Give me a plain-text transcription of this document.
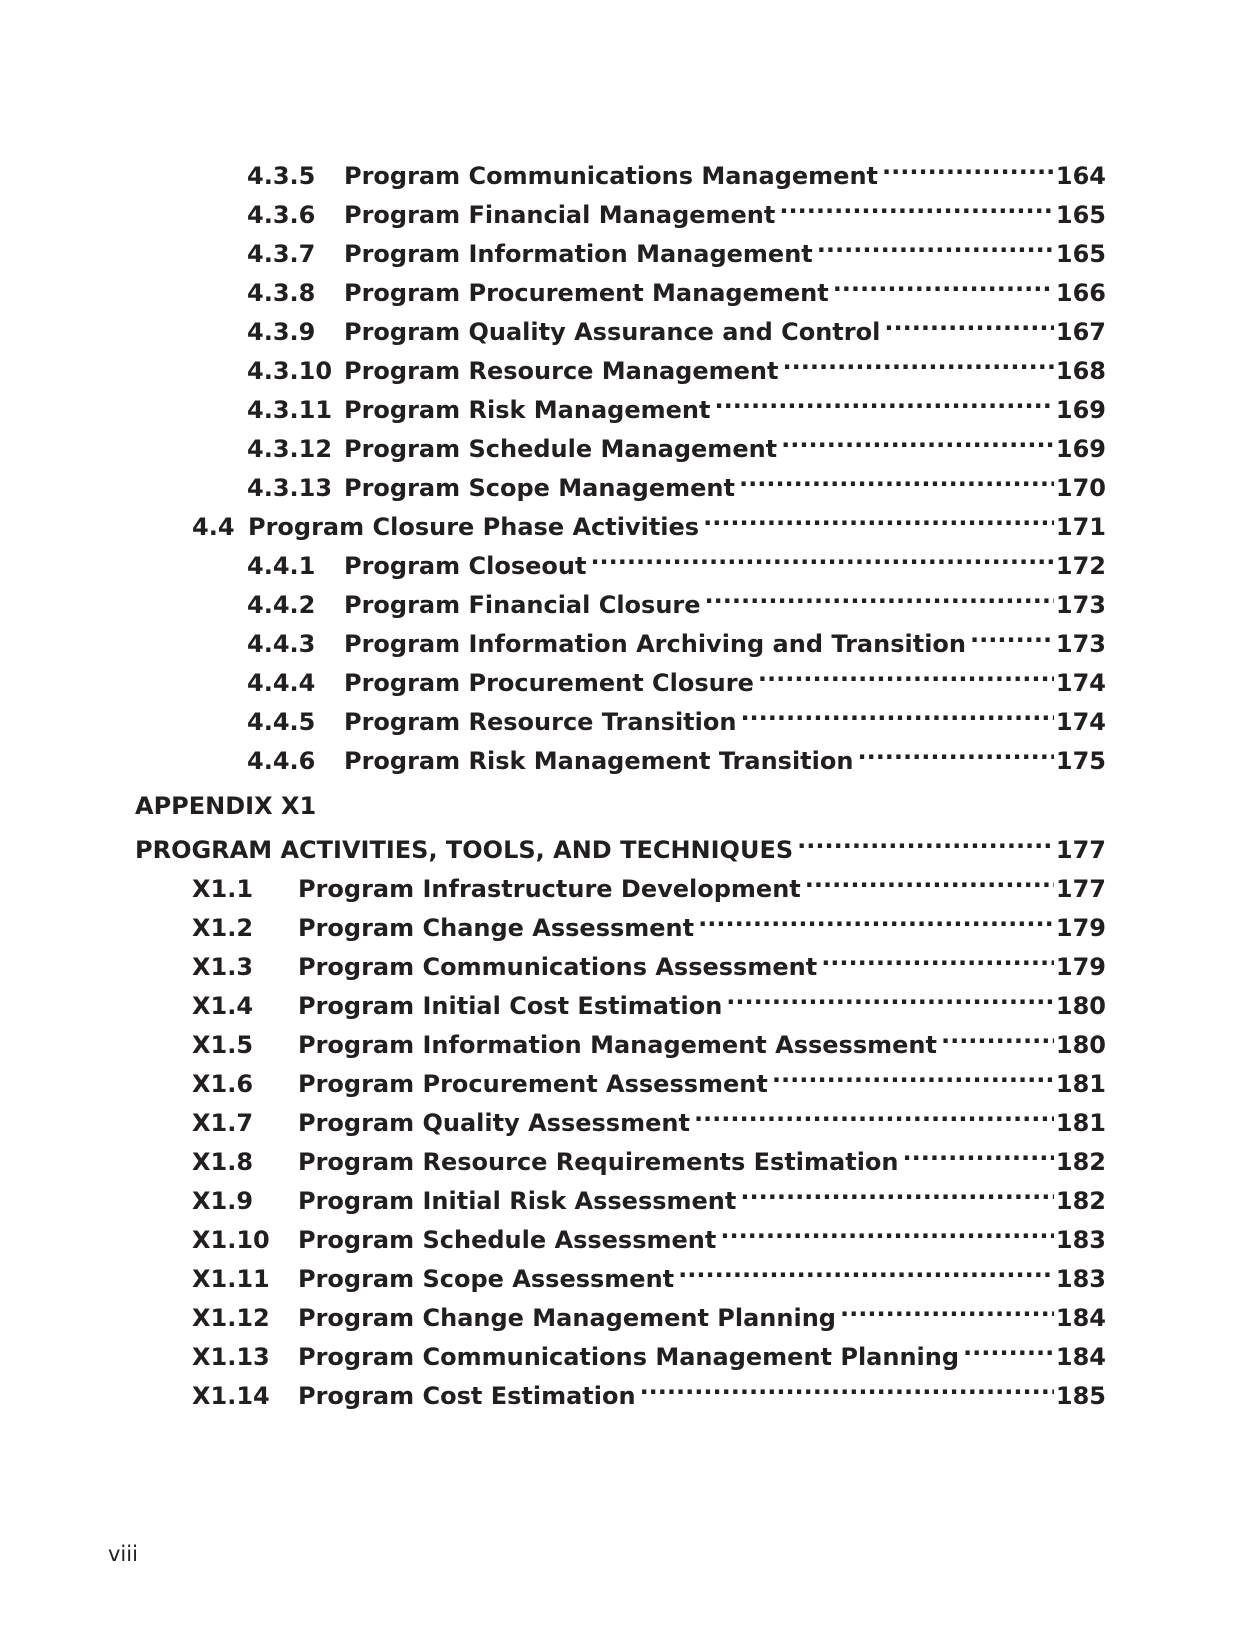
4.3.5	Program Communications Management .....	164
4.3.6	Program Financial Management .....	165
4.3.7	Program Information Management .....	165
4.3.8	Program Procurement Management .....	166
4.3.9	Program Quality Assurance and Control .....	167
4.3.10 Program Resource Management .....	168
4.3.11 Program Risk Management .....	169
4.3.12 Program Schedule Management .....	169
4.3.13 Program Scope Management .....	170
4.4 Program Closure Phase Activities .....	171
4.4.1	Program Closeout .....	172
4.4.2	Program Financial Closure .....	173
4.4.3	Program Information Archiving and Transition .....	173
4.4.4	Program Procurement Closure .....	174
4.4.5	Program Resource Transition .....	174
4.4.6	Program Risk Management Transition .....	175
APPENDIX X1
PROGRAM ACTIVITIES, TOOLS, AND TECHNIQUES .....	177
X1.1	Program Infrastructure Development .....	177
X1.2	Program Change Assessment .....	179
X1.3	Program Communications Assessment .....	179
X1.4	Program Initial Cost Estimation .....	180
X1.5	Program Information Management Assessment .....	180
X1.6	Program Procurement Assessment .....	181
X1.7	Program Quality Assessment .....	181
X1.8	Program Resource Requirements Estimation .....	182
X1.9	Program Initial Risk Assessment .....	182
X1.10	Program Schedule Assessment .....	183
X1.11	Program Scope Assessment .....	183
X1.12	Program Change Management Planning .....	184
X1.13	Program Communications Management Planning .....	184
X1.14	Program Cost Estimation .....	185
viii
